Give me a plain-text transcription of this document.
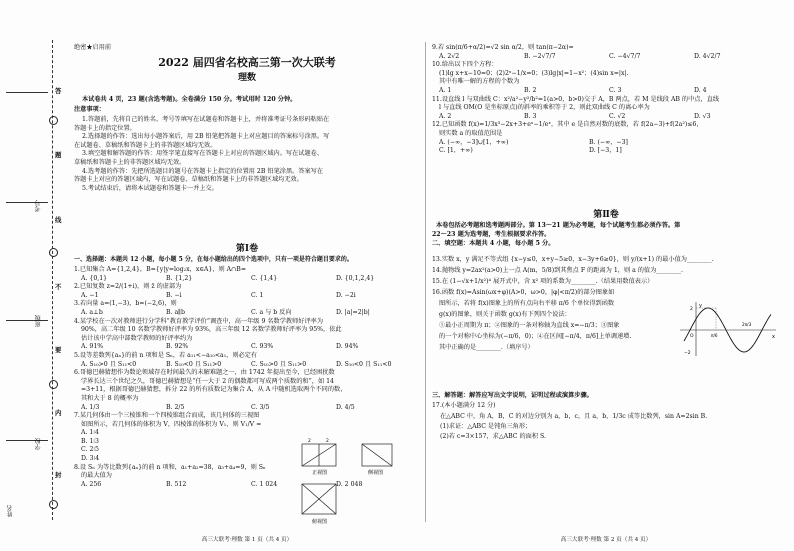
考号
班级
学校
姓名
答
题
线
不
要
内
封
绝密★启用前
2022 届四省名校高三第一次大联考
理数
本试卷共 4 页，23 题(含选考题)。全卷满分 150 分。考试用时 120 分钟。
注意事项：
1.答题前，先将自己的姓名、考号等填写在试题卷和答题卡上，并将准考证号条形码粘贴在
答题卡上的指定位置。
2.选择题的作答：选出每小题答案后，用 2B 铅笔把答题卡上对应题目的答案标号涂黑。写
在试题卷、草稿纸和答题卡上的非答题区域均无效。
3.填空题和解答题的作答：用签字笔直接写在答题卡上对应的答题区域内。写在试题卷、
草稿纸和答题卡上的非答题区域均无效。
4.选考题的作答：先把所选题目的题号在答题卡上指定的位置用 2B 铅笔涂黑。答案写在
答题卡上对应的答题区域内，写在试题卷、草稿纸和答题卡上的非答题区域均无效。
5.考试结束后，请将本试题卷和答题卡一并上交。
第Ⅰ卷
一、选择题：本题共 12 小题，每小题 5 分，在每小题给出的四个选项中，只有一项是符合题目要求的。
1.已知集合 A={1,2,4}，B={y|y=log₂x，x∈A}，则 A∩B=
A. {0,1}	B. {1,2}	C. {1,4}	D. {0,1,2,4}
2.已知复数 z=2/(1+i)，则 z̄ 的虚部为
A. −1	B. −i	C. 1	D. −2i
3.若向量 a=(1,−3)，b=(−2,6)，则
A. a⊥b	B. a∥b	C. a 与 b 反向	D. |a|=2|b|
4.某学校在一次对教师进行分学科“教育教学评价”调查中，高一年级 9 名数学教师好评率为
90%，高二年级 10 名数学教师好评率为 93%，高三年级 12 名数学教师好评率为 95%，依此
估计该中学高中部数学教师的好评率约为
A. 91%	B. 92%	C. 93%	D. 94%
5.设等差数列{aₙ}的前 n 项和是 Sₙ，若 a₁₁<−a₁₀<a₁，则必定有
A. S₁₀>0 且 S₁₁<0	B. S₁₀<0 且 S₁₁>0	C. S₁₀>0 且 S₁₁>0	D. S₁₀<0 且 S₁₁<0
6.哥德巴赫猜想作为数论领域存在时间最久的未解难题之一，由 1742 年提出至今，已经困扰数
学界长达三个世纪之久，哥德巴赫猜想是“任一大于 2 的偶数都可写成两个质数的和”，如 14
=3+11，根据哥德巴赫猜想，拆分 22 的所有质数记为集合 A，从 A 中随机选取两个不同的数，
其和大于 8 的概率为
A. 1/3	B. 2/5	C. 3/5	D. 4/5
7.某几何体由一个三棱锥和一个四棱锥组合而成，该几何体的三视图
如图所示，若几何体的体积为 V，四棱锥的体积为 V₁，则 V₁/V =
A. 1∶4
B. 1∶3
C. 2∶5
D. 3∶4
8.设 Sₙ 为等比数列{aₙ}的前 n 项和，a₁+a₂=38，a₃+a₄=9，则 Sₙ
的最大值为
A. 256	B. 512	C. 1 024	D. 2 048
2	2
正视图	侧视图
俯视图
高三大联考·理数 第 1 页（共 4 页）
9.若 sin(π/6+α/2)=√2 sin α/2，则 tan(π−2α)=
A. 2√2	B. −2√7/7	C. −4√7/7	D. 4√2/7
10.给出以下四个方程：
(1)lg x+x−10=0；(2)2ˣ−1/x=0；(3)lg|x|=1−x²；(4)sin x=|x|.
其中有唯一解的方程的个数为
A. 1	B. 2	C. 3	D. 4
11.设直线 l 与双曲线 C：x²/a²−y²/b²=1(a>0，b>0)交于 A，B 两点，若 M 是线段 AB 的中点，直线
l 与直线 OM(O 是坐标原点)的斜率的乘积等于 2，则此双曲线 C 的离心率为
A. 2	B. 3	C. √2	D. √3
12.已知函数 f(x)=1/3x³−2x+3+eˣ−1/eˣ，其中 e 是自然对数的底数，若 f(2a−3)+f(2a²)≤6，
则实数 a 的取值范围是
A. (−∞，−3]∪[1，+∞)	B. (−∞，−3]
C. [1，+∞)	D. [−3，1]
第Ⅱ卷
本卷包括必考题和选考题两部分。第 13～21 题为必考题，每个试题考生都必须作答。第
22～23 题为选考题，考生根据要求作答。
二、填空题：本题共 4 小题，每小题 5 分。
13.实数 x，y 满足不等式组 {x−y≤0，x+y−5≥0，x−3y+6≥0}，则 y/(x+1) 的最小值为________.
14.抛物线 y=2ax²(a>0)上一点 A(m，5/8)到其焦点 F 的距离为 1，则 a 的值为________.
15.在 (1−√x+1/x²)⁴ 展开式中，含 x² 项的系数为________.（结果用数值表示）
16.函数 f(x)=Asin(ωx+φ)(A>0，ω>0，|φ|<π/2)的部分图象如
图所示，若将 f(x)图象上的所有点向右平移 π/6 个单位得到函数
g(x)的图象，则关于函数 g(x)有下列四个说法：
①最小正周期为 π；②图象的一条对称轴为直线 x=−π/3；③图象
的一个对称中心坐标为(−π/6，0)；④在区间[−π/4，π/6]上单调递增.
其中正确的是________.（填序号）
x
y
O
2
−2
π/6
2π/3
三、解答题：解答应写出文字说明，证明过程或演算步骤。
17.(本小题满分 12 分)
在△ABC 中，角 A，B，C 的对边分别为 a，b，c，且 a，b，1/3c 成等比数列，sin A=2sin B.
(1)求证：△ABC 是钝角三角形；
(2)若 c=3×157，求△ABC 的面积 S.
高三大联考·理数 第 2 页（共 4 页）
